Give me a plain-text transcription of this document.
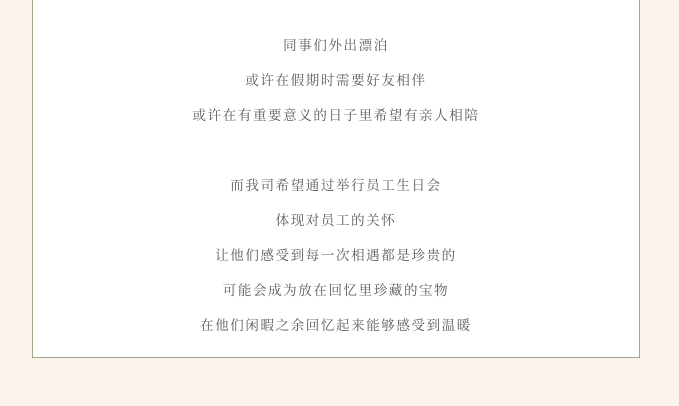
同事们外出漂泊
或许在假期时需要好友相伴
或许在有重要意义的日子里希望有亲人相陪
而我司希望通过举行员工生日会
体现对员工的关怀
让他们感受到每一次相遇都是珍贵的
可能会成为放在回忆里珍藏的宝物
在他们闲暇之余回忆起来能够感受到温暖
